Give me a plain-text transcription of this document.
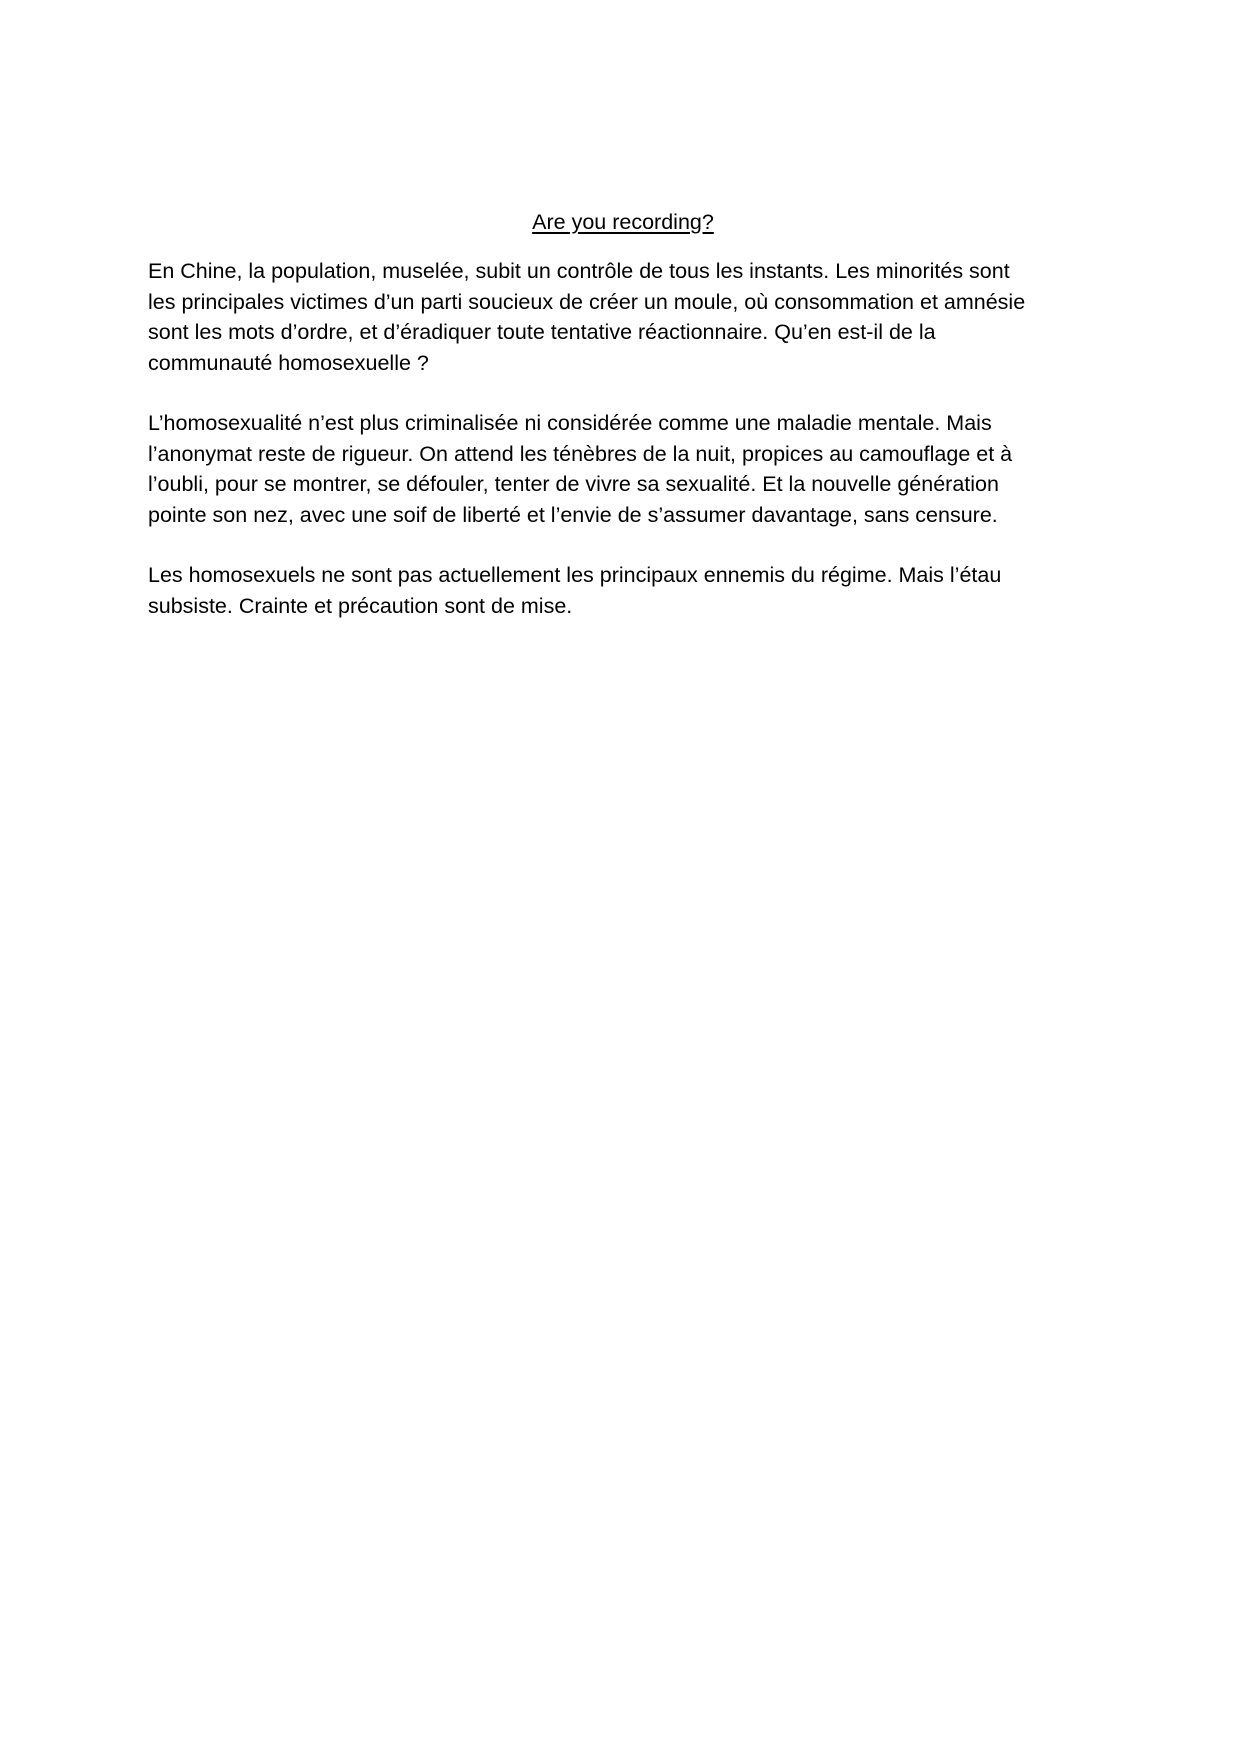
Are you recording?
En Chine, la population, muselée, subit un contrôle de tous les instants. Les minorités sont
les principales victimes d’un parti soucieux de créer un moule, où consommation et amnésie
sont les mots d’ordre, et d’éradiquer toute tentative réactionnaire. Qu’en est-il de la
communauté homosexuelle ?
L’homosexualité n’est plus criminalisée ni considérée comme une maladie mentale. Mais
l’anonymat reste de rigueur. On attend les ténèbres de la nuit, propices au camouflage et à
l’oubli, pour se montrer, se défouler, tenter de vivre sa sexualité. Et la nouvelle génération
pointe son nez, avec une soif de liberté et l’envie de s’assumer davantage, sans censure.
Les homosexuels ne sont pas actuellement les principaux ennemis du régime. Mais l’étau
subsiste. Crainte et précaution sont de mise.
